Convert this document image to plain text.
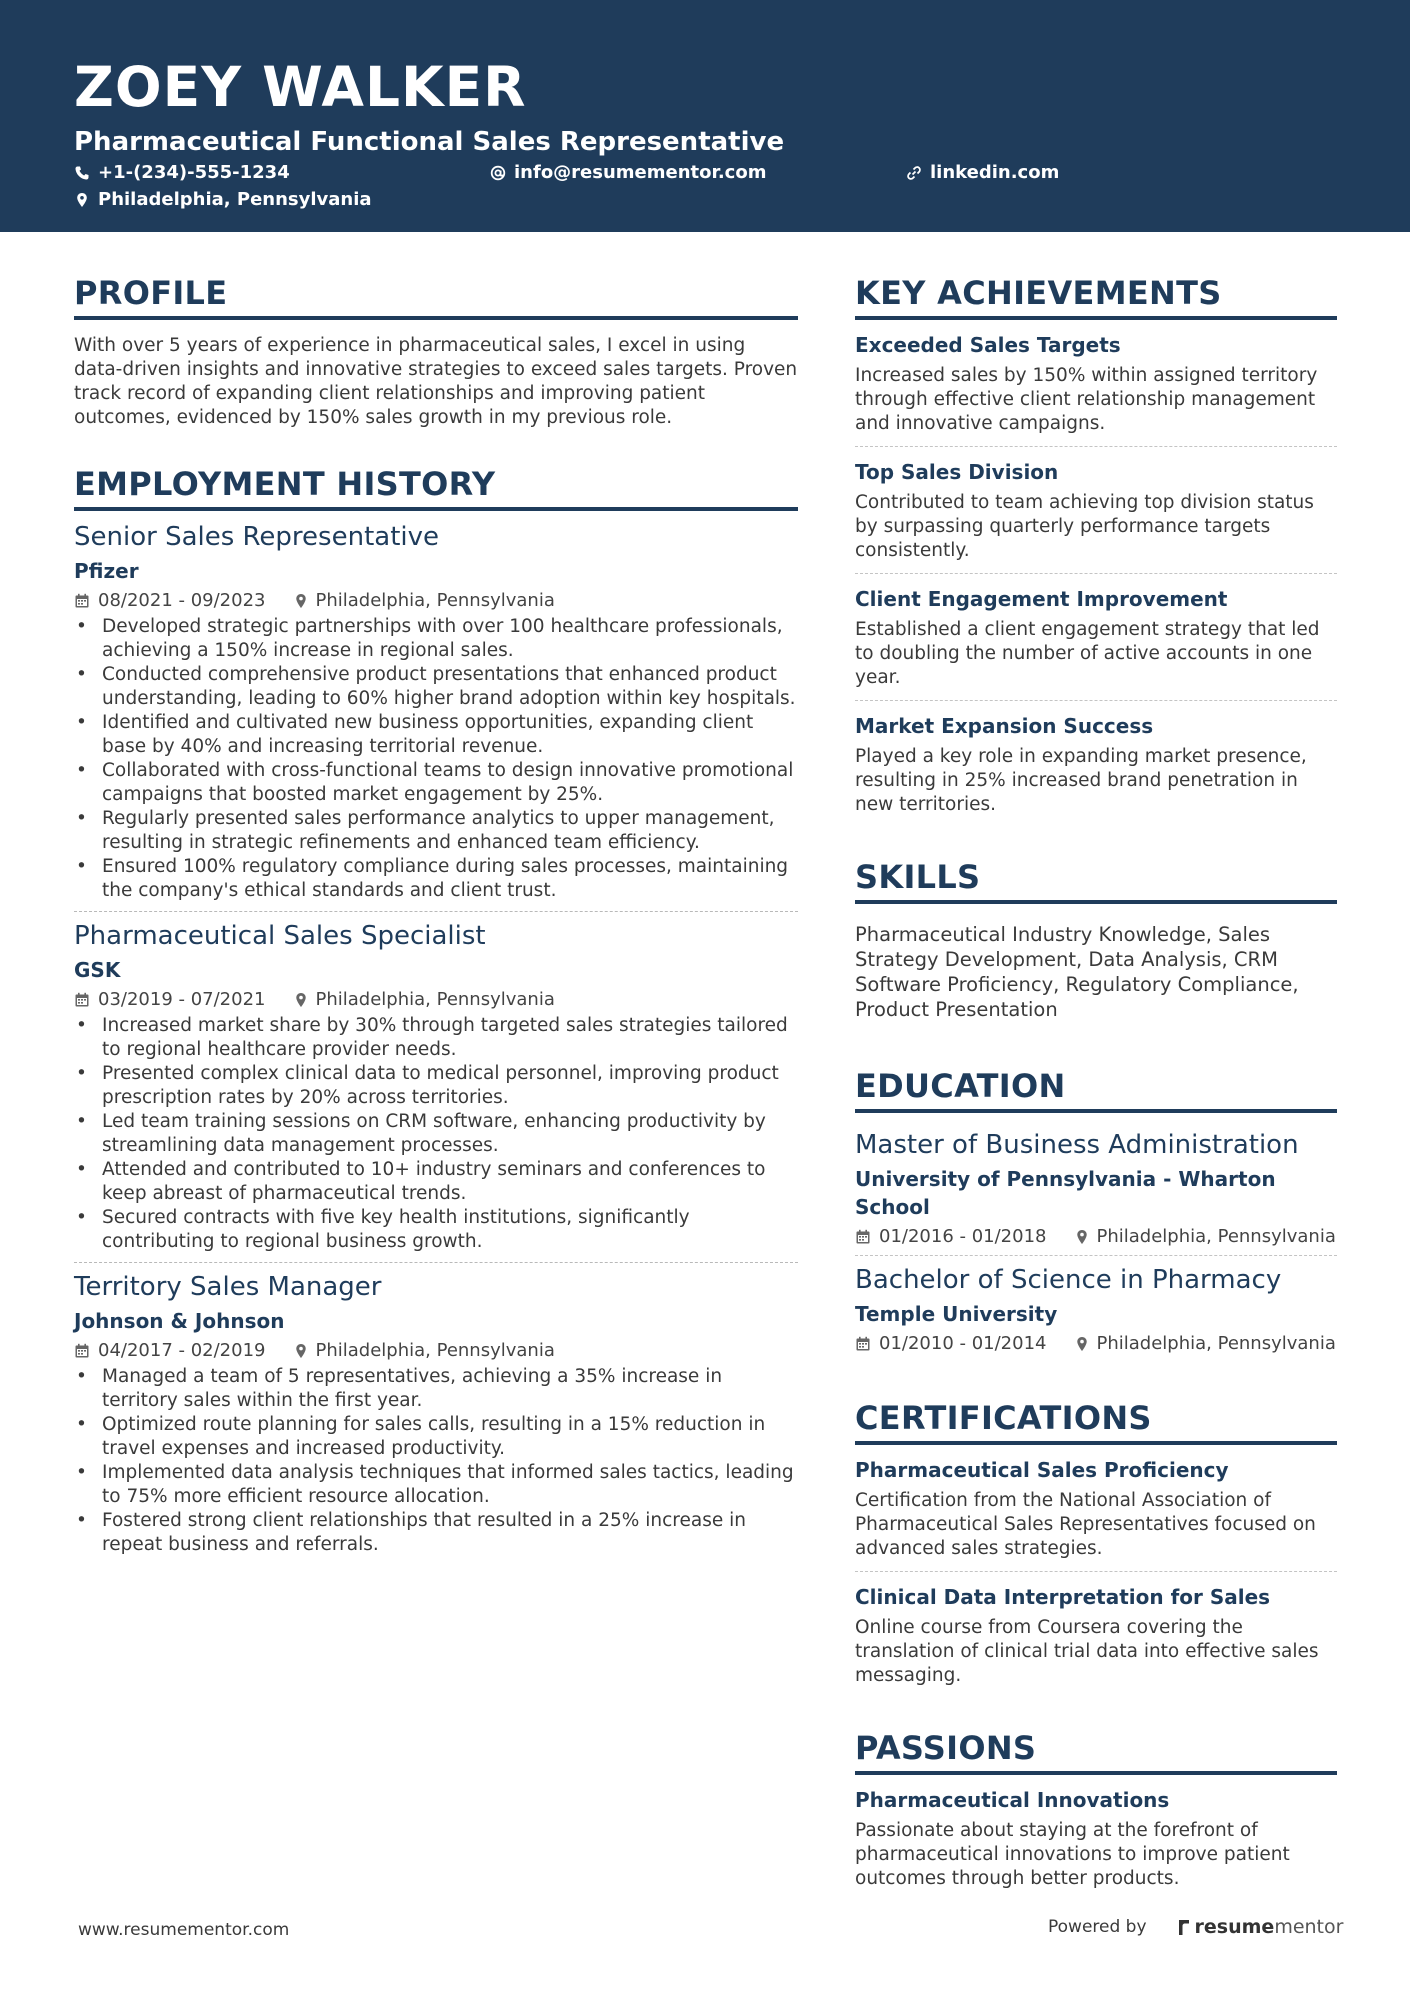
ZOEY WALKER
Pharmaceutical Functional Sales Representative
+1-(234)-555-1234	info@resumementor.com	linkedin.com
Philadelphia, Pennsylvania
PROFILE

With over 5 years of experience in pharmaceutical sales, I excel in using data-driven insights and innovative strategies to exceed sales targets. Proven track record of expanding client relationships and improving patient outcomes, evidenced by 150% sales growth in my previous role.

EMPLOYMENT HISTORY
Senior Sales Representative
Pfizer
08/2021 - 09/2023	Philadelphia, Pennsylvania
• Developed strategic partnerships with over 100 healthcare professionals, achieving a 150% increase in regional sales.
• Conducted comprehensive product presentations that enhanced product understanding, leading to 60% higher brand adoption within key hospitals.
• Identified and cultivated new business opportunities, expanding client base by 40% and increasing territorial revenue.
• Collaborated with cross-functional teams to design innovative promotional campaigns that boosted market engagement by 25%.
• Regularly presented sales performance analytics to upper management, resulting in strategic refinements and enhanced team efficiency.
• Ensured 100% regulatory compliance during sales processes, maintaining the company's ethical standards and client trust.
Pharmaceutical Sales Specialist
GSK
03/2019 - 07/2021	Philadelphia, Pennsylvania
• Increased market share by 30% through targeted sales strategies tailored to regional healthcare provider needs.
• Presented complex clinical data to medical personnel, improving product prescription rates by 20% across territories.
• Led team training sessions on CRM software, enhancing productivity by streamlining data management processes.
• Attended and contributed to 10+ industry seminars and conferences to keep abreast of pharmaceutical trends.
• Secured contracts with five key health institutions, significantly contributing to regional business growth.
Territory Sales Manager
Johnson & Johnson
04/2017 - 02/2019	Philadelphia, Pennsylvania
• Managed a team of 5 representatives, achieving a 35% increase in territory sales within the first year.
• Optimized route planning for sales calls, resulting in a 15% reduction in travel expenses and increased productivity.
• Implemented data analysis techniques that informed sales tactics, leading to 75% more efficient resource allocation.
• Fostered strong client relationships that resulted in a 25% increase in repeat business and referrals.
KEY ACHIEVEMENTS
Exceeded Sales Targets
Increased sales by 150% within assigned territory through effective client relationship management and innovative campaigns.
Top Sales Division
Contributed to team achieving top division status by surpassing quarterly performance targets consistently.
Client Engagement Improvement
Established a client engagement strategy that led to doubling the number of active accounts in one year.
Market Expansion Success
Played a key role in expanding market presence, resulting in 25% increased brand penetration in new territories.
SKILLS

Pharmaceutical Industry Knowledge, Sales Strategy Development, Data Analysis, CRM Software Proficiency, Regulatory Compliance, Product Presentation

EDUCATION
Master of Business Administration
University of Pennsylvania - Wharton School
01/2016 - 01/2018	Philadelphia, Pennsylvania
Bachelor of Science in Pharmacy
Temple University
01/2010 - 01/2014	Philadelphia, Pennsylvania
CERTIFICATIONS
Pharmaceutical Sales Proficiency
Certification from the National Association of Pharmaceutical Sales Representatives focused on advanced sales strategies.
Clinical Data Interpretation for Sales
Online course from Coursera covering the translation of clinical trial data into effective sales messaging.
PASSIONS
Pharmaceutical Innovations
Passionate about staying at the forefront of pharmaceutical innovations to improve patient outcomes through better products.
www.resumementor.com	Powered by	resume mentor
